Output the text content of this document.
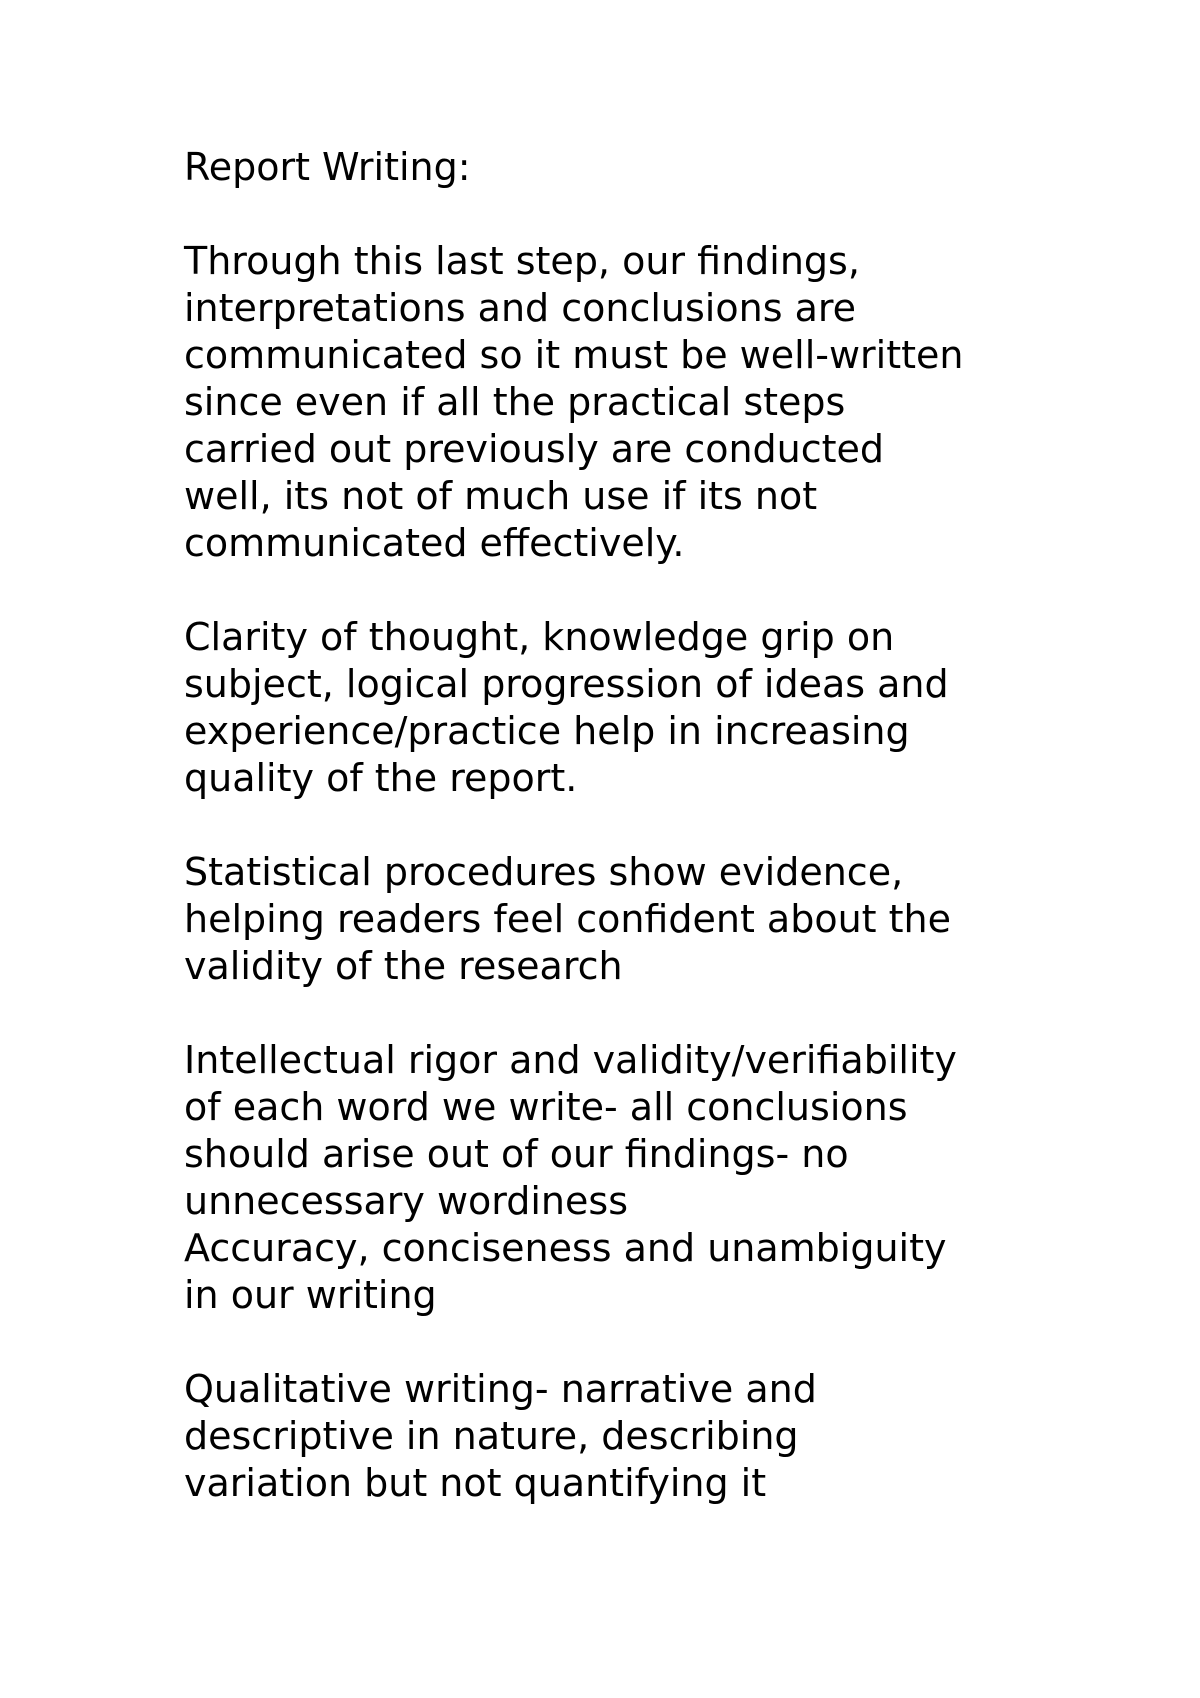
Report Writing:
Through this last step, our findings,
interpretations and conclusions are
communicated so it must be well-written
since even if all the practical steps
carried out previously are conducted
well, its not of much use if its not
communicated effectively.
Clarity of thought, knowledge grip on
subject, logical progression of ideas and
experience/practice help in increasing
quality of the report.
Statistical procedures show evidence,
helping readers feel confident about the
validity of the research
Intellectual rigor and validity/verifiability
of each word we write- all conclusions
should arise out of our findings- no
unnecessary wordiness
Accuracy, conciseness and unambiguity
in our writing
Qualitative writing- narrative and
descriptive in nature, describing
variation but not quantifying it
